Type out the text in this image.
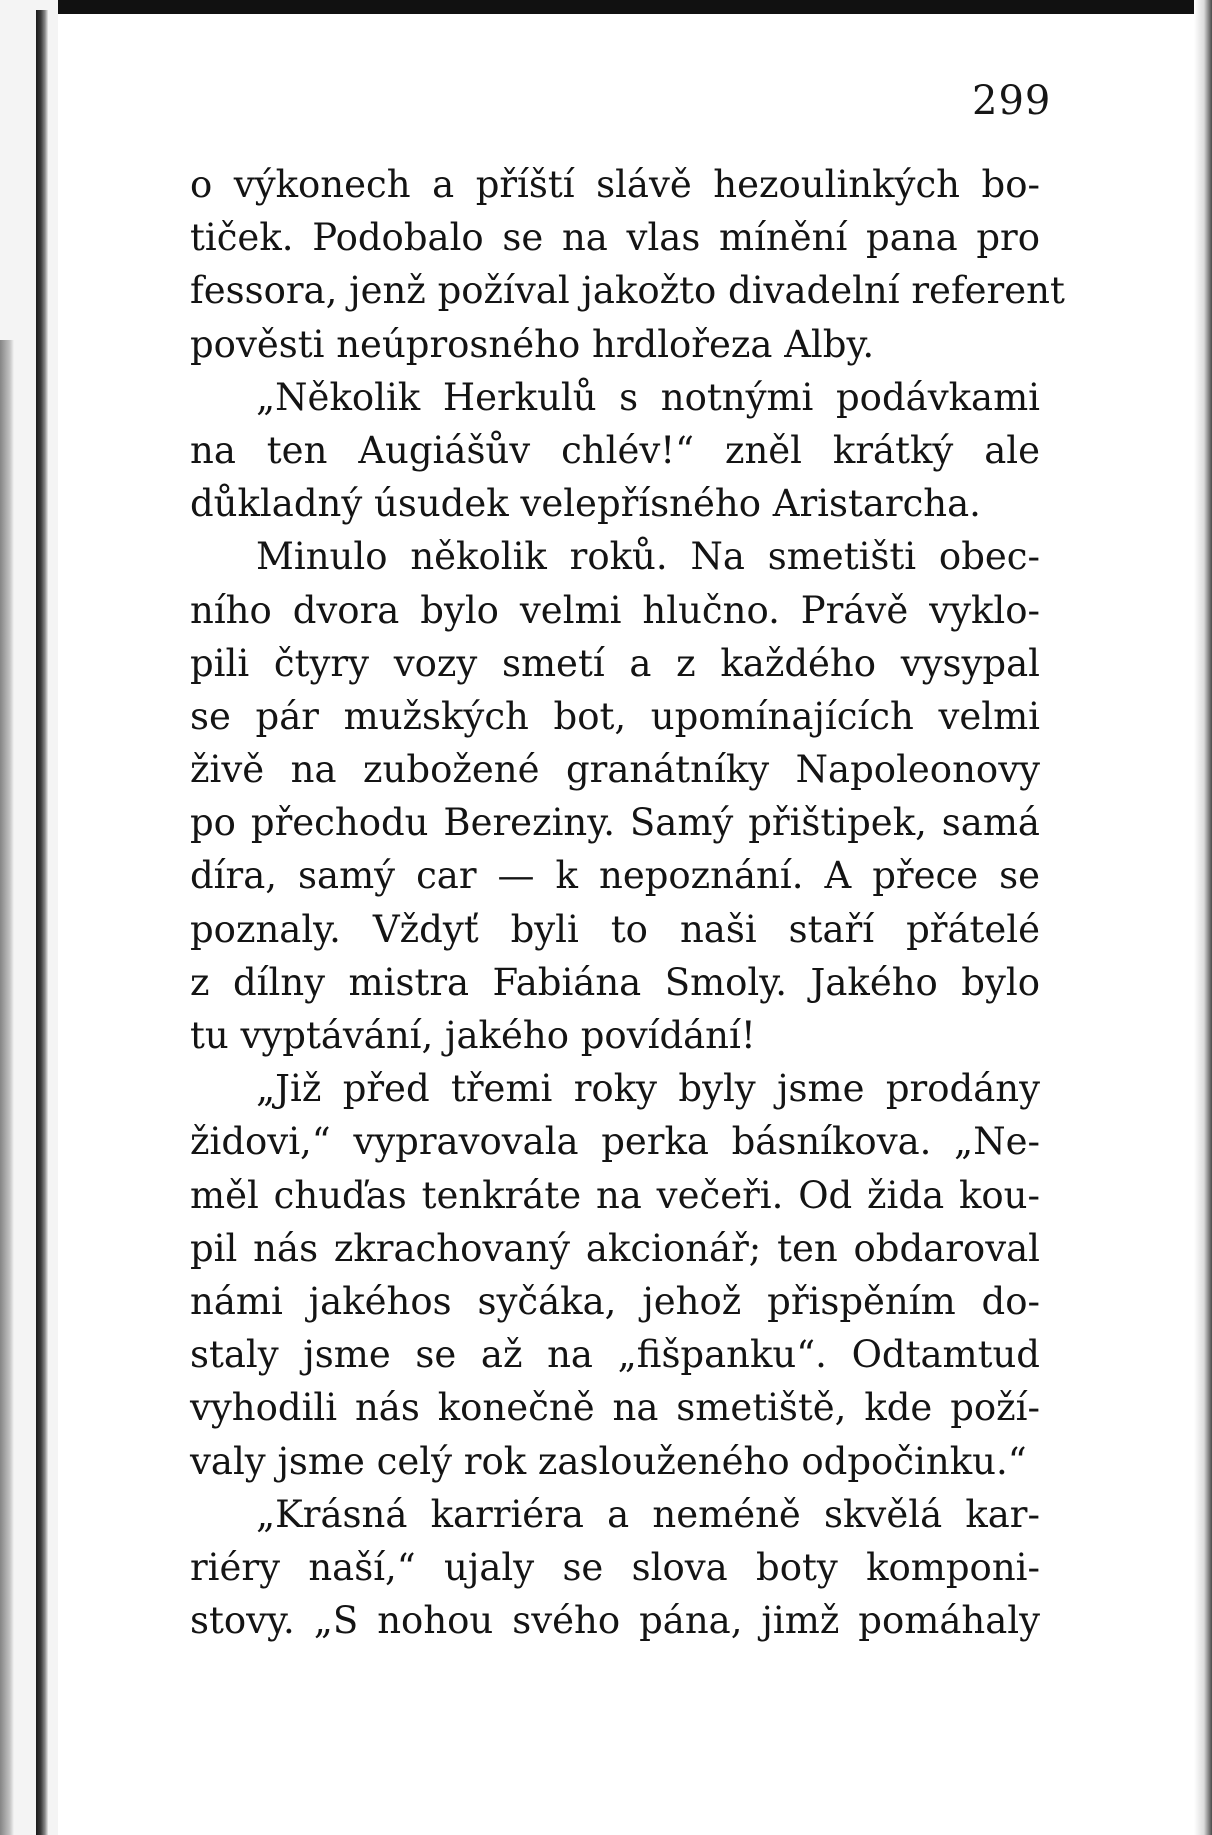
299
o výkonech a příští slávě hezoulinkých bo-
tiček. Podobalo se na vlas mínění pana pro
fessora, jenž požíval jakožto divadelní referent
pověsti neúprosného hrdlořeza Alby.
„Několik Herkulů s notnými podávkami
na ten Augiášův chlév!“ zněl krátký ale
důkladný úsudek velepřísného Aristarcha.
Minulo několik roků. Na smetišti obec-
ního dvora bylo velmi hlučno. Právě vyklo-
pili čtyry vozy smetí a z každého vysypal
se pár mužských bot, upomínajících velmi
živě na zubožené granátníky Napoleonovy
po přechodu Bereziny. Samý přištipek, samá
díra, samý car — k nepoznání. A přece se
poznaly. Vždyť byli to naši staří přátelé
z dílny mistra Fabiána Smoly. Jakého bylo
tu vyptávání, jakého povídání!
„Již před třemi roky byly jsme prodány
židovi,“ vypravovala perka básníkova. „Ne-
měl chuďas tenkráte na večeři. Od žida kou-
pil nás zkrachovaný akcionář; ten obdaroval
námi jakéhos syčáka, jehož přispěním do-
staly jsme se až na „fišpanku“. Odtamtud
vyhodili nás konečně na smetiště, kde poží-
valy jsme celý rok zaslouženého odpočinku.“
„Krásná karriéra a neméně skvělá kar-
riéry naší,“ ujaly se slova boty komponi-
stovy. „S nohou svého pána, jimž pomáhaly
